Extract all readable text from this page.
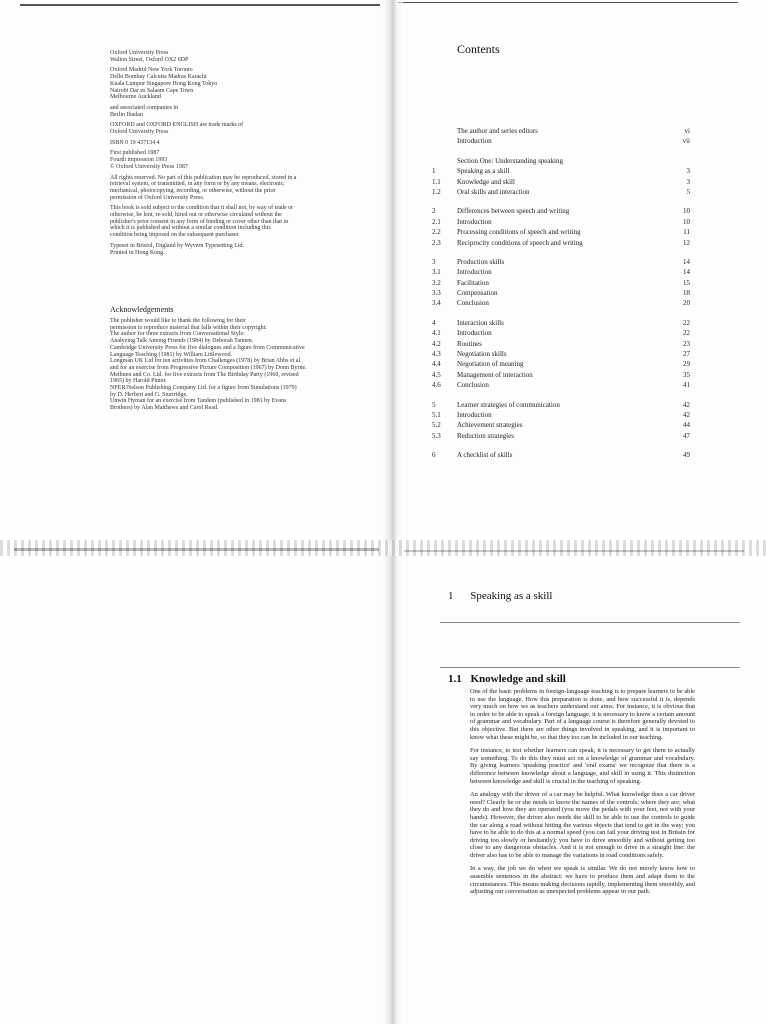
Oxford University Press
Walton Street, Oxford OX2 6DP
Oxford Madrid New York Toronto
Delhi Bombay Calcutta Madras Karachi
Kuala Lumpur Singapore Hong Kong Tokyo
Nairobi Dar es Salaam Cape Town
Melbourne Auckland
and associated companies in
Berlin Ibadan
OXFORD and OXFORD ENGLISH are trade marks of
Oxford University Press
ISBN 0 19 437134 4
First published 1987
Fourth impression 1993
© Oxford University Press 1987
All rights reserved. No part of this publication may be reproduced, stored in a
retrieval system, or transmitted, in any form or by any means, electronic,
mechanical, photocopying, recording, or otherwise, without the prior
permission of Oxford University Press.
This book is sold subject to the condition that it shall not, by way of trade or
otherwise, be lent, re-sold, hired out or otherwise circulated without the
publisher's prior consent in any form of binding or cover other than that in
which it is published and without a similar condition including this
condition being imposed on the subsequent purchaser.
Typeset in Bristol, England by Wyvern Typesetting Ltd.
Printed in Hong Kong.
Acknowledgements
The publisher would like to thank the following for their
permission to reproduce material that falls within their copyright:
The author for three extracts from Conversational Style:
Analyzing Talk Among Friends (1984) by Deborah Tannen.
Cambridge University Press for five dialogues and a figure from Communicative
Language Teaching (1981) by William Littlewood.
Longman UK Ltd for ten activities from Challenges (1978) by Brian Abbs et al.
and for an exercise from Progressive Picture Composition (1967) by Donn Byrne.
Methuen and Co. Ltd. for five extracts from The Birthday Party (1960, revised
1965) by Harold Pinter.
NFER/Nelson Publishing Company Ltd. for a figure from Simulations (1979)
by D. Herbert and G. Sturtridge.
Unwin Hyman for an exercise from Tandem (published in 1981 by Evans
Brothers) by Alan Matthews and Carol Read.
Contents
The author and series editors	vi
Introduction	vii
Section One: Understanding speaking
1	Speaking as a skill	3
1.1	Knowledge and skill	3
1.2	Oral skills and interaction	5
2	Differences between speech and writing	10
2.1	Introduction	10
2.2	Processing conditions of speech and writing	11
2.3	Reciprocity conditions of speech and writing	12
3	Production skills	14
3.1	Introduction	14
3.2	Facilitation	15
3.3	Compensation	18
3.4	Conclusion	20
4	Interaction skills	22
4.1	Introduction	22
4.2	Routines	23
4.3	Negotiation skills	27
4.4	Negotiation of meaning	29
4.5	Management of interaction	35
4.6	Conclusion	41
5	Learner strategies of communication	42
5.1	Introduction	42
5.2	Achievement strategies	44
5.3	Reduction strategies	47
6	A checklist of skills	49
1 Speaking as a skill
1.1 Knowledge and skill

One of the basic problems in foreign-language teaching is to prepare learners to be able to use the language. How this preparation is done, and how successful it is, depends very much on how we as teachers understand our aims. For instance, it is obvious that in order to be able to speak a foreign language, it is necessary to know a certain amount of grammar and vocabulary. Part of a language course is therefore generally devoted to this objective. But there are other things involved in speaking, and it is important to know what these might be, so that they too can be included in our teaching.

For instance, to test whether learners can speak, it is necessary to get them to actually say something. To do this they must act on a knowledge of grammar and vocabulary. By giving learners 'speaking practice' and 'oral exams' we recognize that there is a difference between knowledge about a language, and skill in using it. This distinction between knowledge and skill is crucial in the teaching of speaking.

An analogy with the driver of a car may be helpful. What knowledge does a car driver need? Clearly he or she needs to know the names of the controls; where they are; what they do and how they are operated (you move the pedals with your feet, not with your hands). However, the driver also needs the skill to be able to use the controls to guide the car along a road without hitting the various objects that tend to get in the way; you have to be able to do this at a normal speed (you can fail your driving test in Britain for driving too slowly or hesitantly); you have to drive smoothly and without getting too close to any dangerous obstacles. And it is not enough to drive in a straight line: the driver also has to be able to manage the variations in road conditions safely.

In a way, the job we do when we speak is similar. We do not merely know how to assemble sentences in the abstract: we have to produce them and adapt them to the circumstances. This means making decisions rapidly, implementing them smoothly, and adjusting our conversation as unexpected problems appear in our path.
